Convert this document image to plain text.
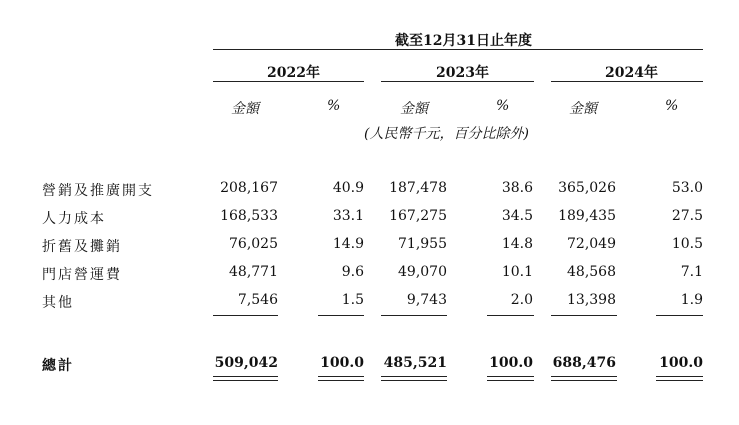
截至12月31日止年度
2022年	2023年	2024年
金額	%	金額	%	金額	%
(人民幣千元，百分比除外)
營銷及推廣開支	208,167	40.9	187,478	38.6	365,026	53.0
人力成本	168,533	33.1	167,275	34.5	189,435	27.5
折舊及攤銷	76,025	14.9	71,955	14.8	72,049	10.5
門店營運費	48,771	9.6	49,070	10.1	48,568	7.1
其他	7,546	1.5	9,743	2.0	13,398	1.9
總計	509,042	100.0	485,521	100.0	688,476	100.0
